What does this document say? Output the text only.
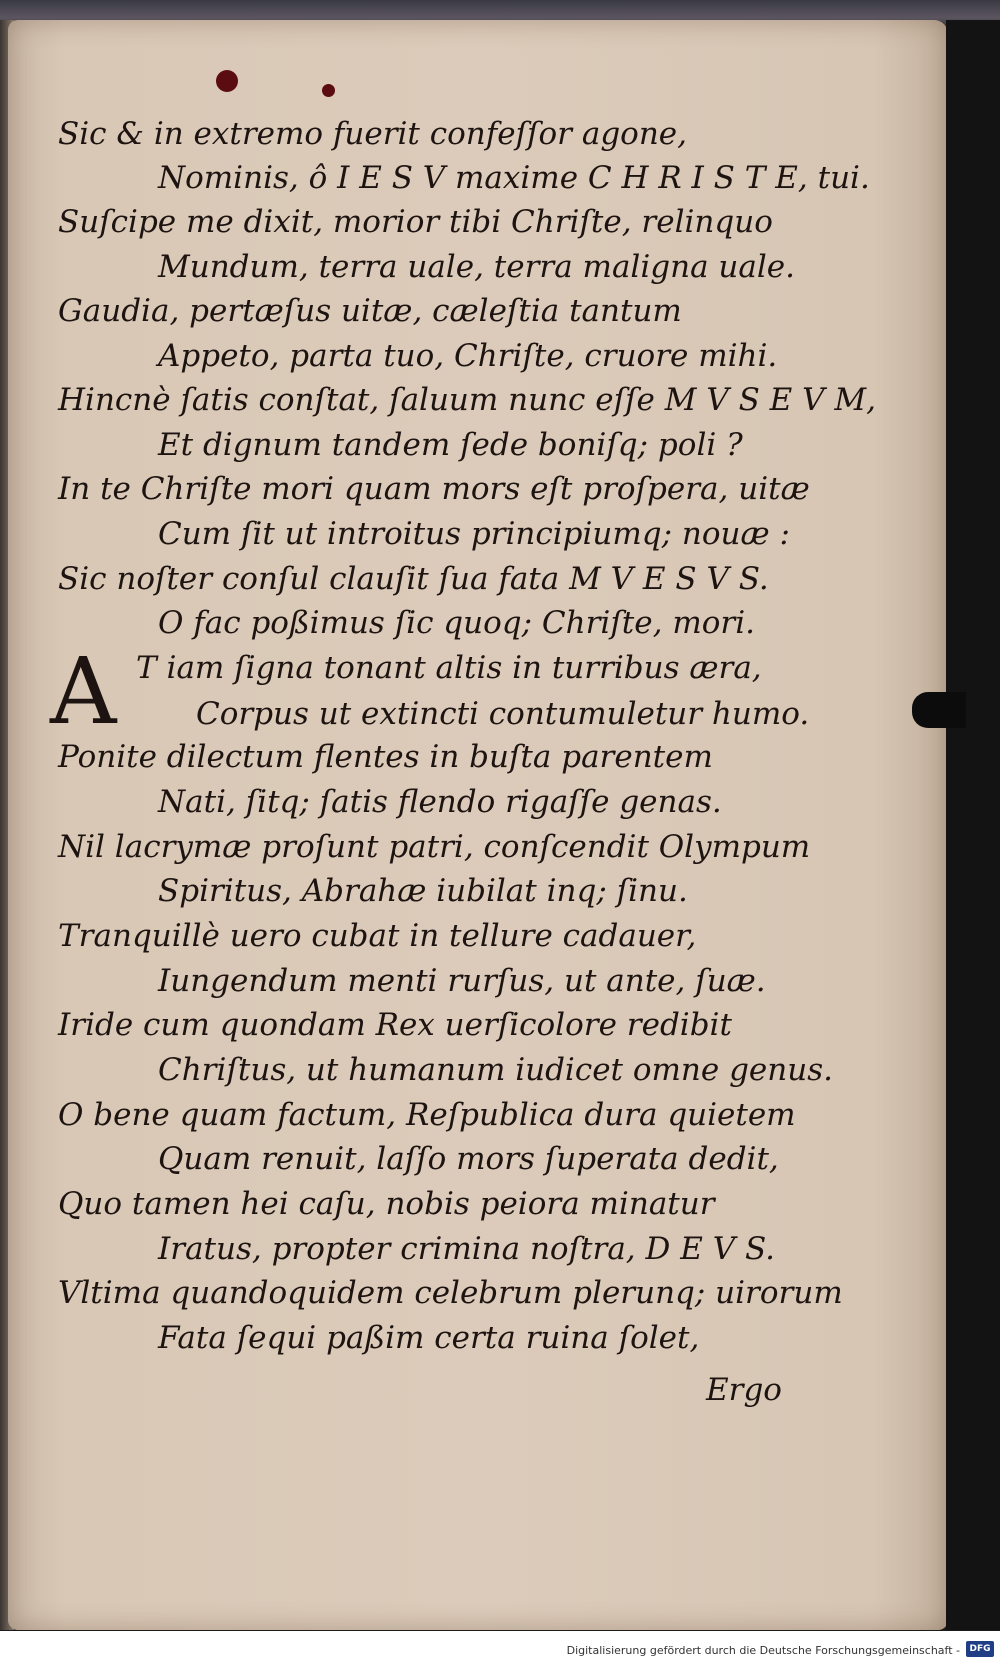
Sic & in extremo fuerit confeſſor agone,
Nominis, ô I E S V maxime C H R I S T E, tui.
Suſcipe me dixit, morior tibi Chriſte, relinquo
Mundum, terra uale, terra maligna uale.
Gaudia, pertæſus uitæ, cæleſtia tantum
Appeto, parta tuo, Chriſte, cruore mihi.
Hincnè ſatis conſtat, ſaluum nunc eſſe M V S E V M,
Et dignum tandem ſede boniſq; poli ?
In te Chriſte mori quam mors eſt proſpera, uitæ
Cum ſit ut introitus principiumq; nouæ :
Sic noſter conſul clauſit ſua fata M V E S V S.
O fac poßimus ſic quoq; Chriſte, mori.
A T iam ſigna tonant altis in turribus æra,
Corpus ut extincti contumuletur humo.
Ponite dilectum flentes in buſta parentem
Nati, ſitq; ſatis flendo rigaſſe genas.
Nil lacrymæ proſunt patri, conſcendit Olympum
Spiritus, Abrahæ iubilat inq; ſinu.
Tranquillè uero cubat in tellure cadauer,
Iungendum menti rurſus, ut ante, ſuæ.
Iride cum quondam Rex uerſicolore redibit
Chriſtus, ut humanum iudicet omne genus.
O bene quam factum, Reſpublica dura quietem
Quam renuit, laſſo mors ſuperata dedit,
Quo tamen hei caſu, nobis peiora minatur
Iratus, propter crimina noſtra, D E V S.
Vltima quandoquidem celebrum plerunq; uirorum
Fata ſequi paßim certa ruina ſolet,
Ergo
Digitalisierung gefördert durch die Deutsche Forschungsgemeinschaft -	DFG
